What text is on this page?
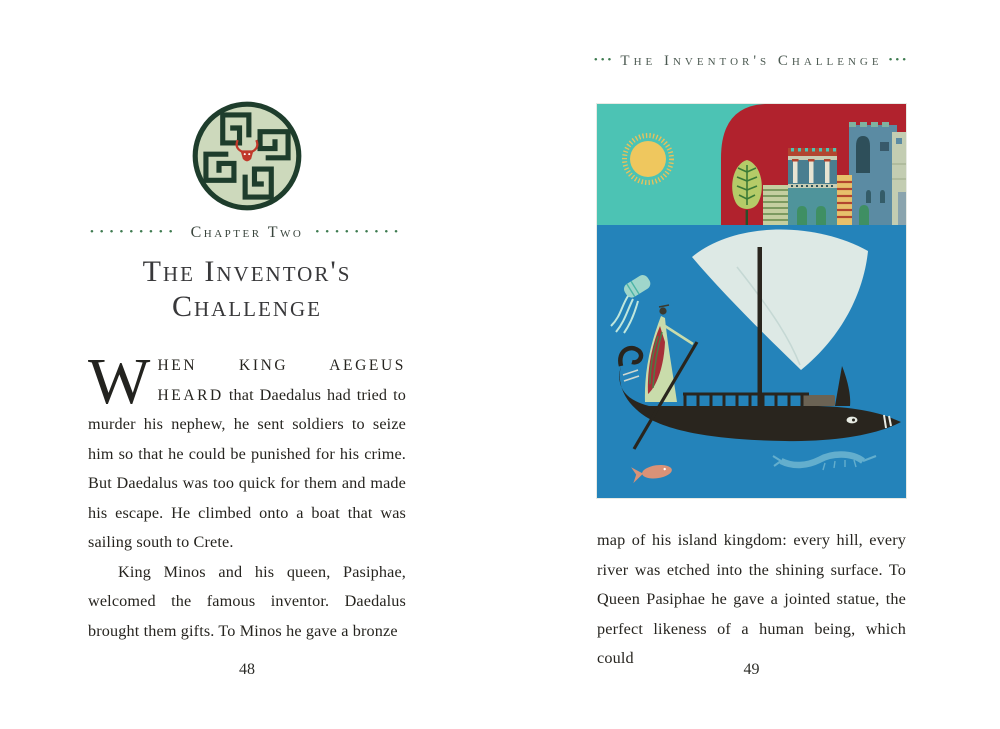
••••••••• Chapter Two •••••••••
The Inventor's
Challenge

WHEN KING AEGEUS HEARD that Daedalus had tried to murder his nephew, he sent soldiers to seize him so that he could be punished for his crime. But Daedalus was too quick for them and made his escape. He climbed onto a boat that was sailing south to Crete.

King Minos and his queen, Pasiphae, welcomed the famous inventor. Daedalus brought them gifts. To Minos he gave a bronze

48
••• The Inventor's Challenge •••

map of his island kingdom: every hill, every river was etched into the shining surface. To Queen Pasiphae he gave a jointed statue, the perfect likeness of a human being, which could

49
